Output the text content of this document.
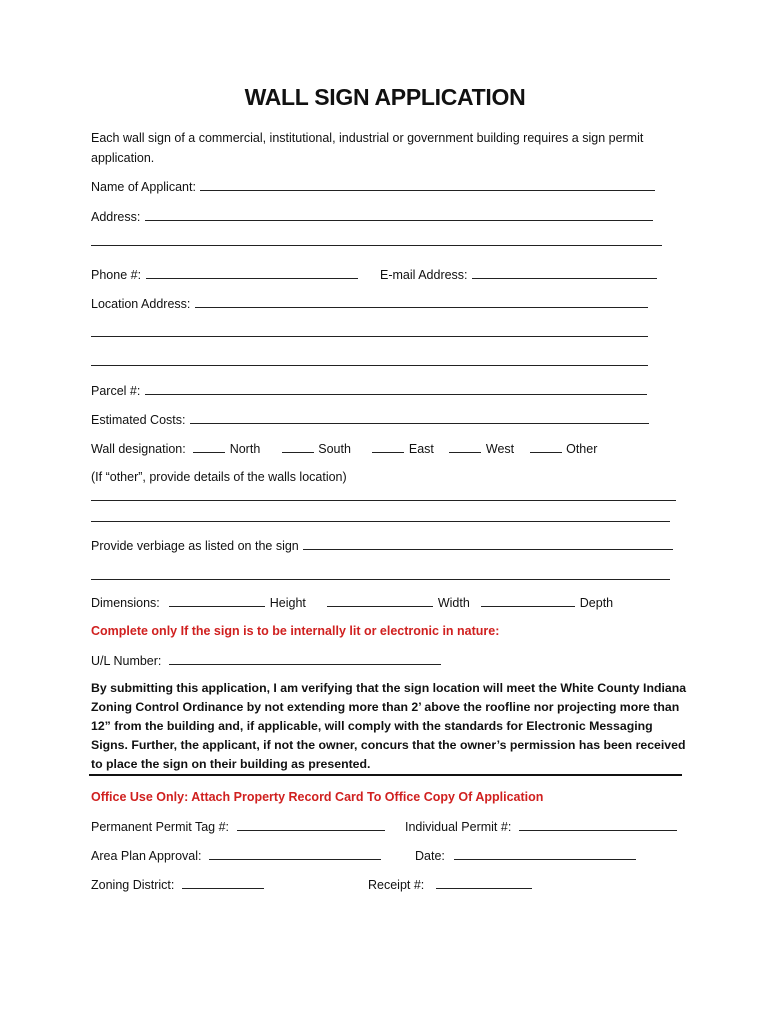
WALL SIGN APPLICATION
Each wall sign of a commercial, institutional, industrial or government building requires a sign permit application.
Name of Applicant:
Address:
Phone #:	E-mail Address:
Location Address:
Parcel #:
Estimated Costs:
Wall designation:	North	South	East	West	Other
(If “other”, provide details of the walls location)
Provide verbiage as listed on the sign
Dimensions:	Height	Width	Depth
Complete only If the sign is to be internally lit or electronic in nature:
U/L Number:
By submitting this application, I am verifying that the sign location will meet the White County Indiana Zoning Control Ordinance by not extending more than 2’ above the roofline nor projecting more than 12” from the building and, if applicable, will comply with the standards for Electronic Messaging Signs. Further, the applicant, if not the owner, concurs that the owner’s permission has been received to place the sign on their building as presented.
Office Use Only: Attach Property Record Card To Office Copy Of Application
Permanent Permit Tag #:	Individual Permit #:
Area Plan Approval:	Date:
Zoning District:	Receipt #:
